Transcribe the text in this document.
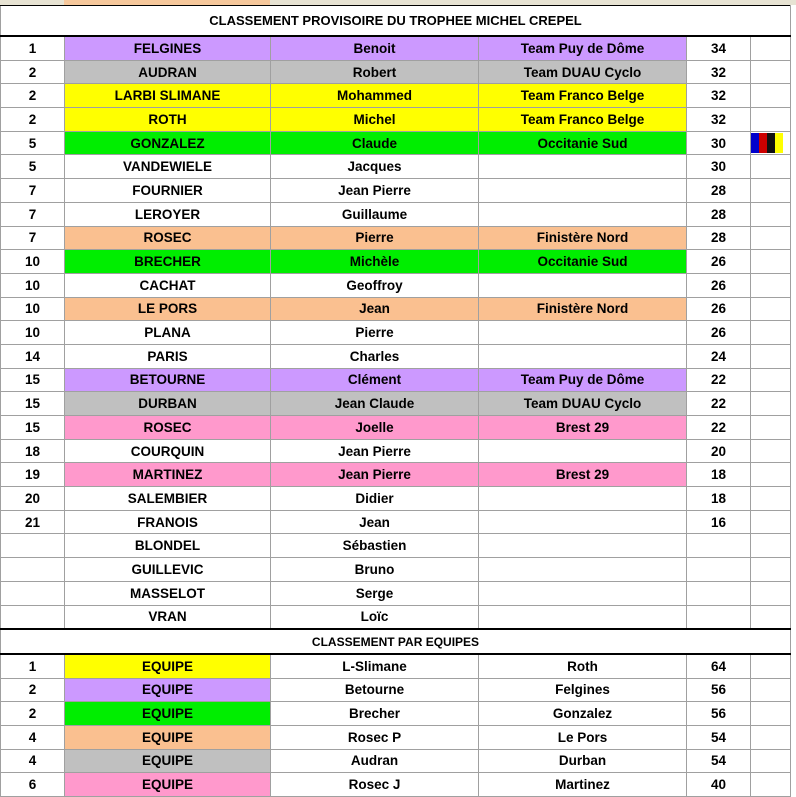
CLASSEMENT PROVISOIRE DU TROPHEE MICHEL CREPEL					
1	FELGINES	Benoit	Team Puy de Dôme	34	
2	AUDRAN	Robert	Team DUAU Cyclo	32	
2	LARBI SLIMANE	Mohammed	Team Franco Belge	32	
2	ROTH	Michel	Team Franco Belge	32	
5	GONZALEZ	Claude	Occitanie Sud	30	

5	VANDEWIELE	Jacques		30	
7	FOURNIER	Jean Pierre		28	
7	LEROYER	Guillaume		28	
7	ROSEC	Pierre	Finistère Nord	28	
10	BRECHER	Michèle	Occitanie Sud	26	
10	CACHAT	Geoffroy		26	
10	LE PORS	Jean	Finistère Nord	26	
10	PLANA	Pierre		26	
14	PARIS	Charles		24	
15	BETOURNE	Clément	Team Puy de Dôme	22	
15	DURBAN	Jean Claude	Team DUAU Cyclo	22	
15	ROSEC	Joelle	Brest 29	22	
18	COURQUIN	Jean Pierre		20	
19	MARTINEZ	Jean Pierre	Brest 29	18	
20	SALEMBIER	Didier		18	
21	FRANOIS	Jean		16	
	BLONDEL	Sébastien			
	GUILLEVIC	Bruno			
	MASSELOT	Serge			
	VRAN	Loïc			
CLASSEMENT PAR EQUIPES					
1	EQUIPE	L-Slimane	Roth	64	
2	EQUIPE	Betourne	Felgines	56	
2	EQUIPE	Brecher	Gonzalez	56	
4	EQUIPE	Rosec P	Le Pors	54	
4	EQUIPE	Audran	Durban	54	
6	EQUIPE	Rosec J	Martinez	40	
